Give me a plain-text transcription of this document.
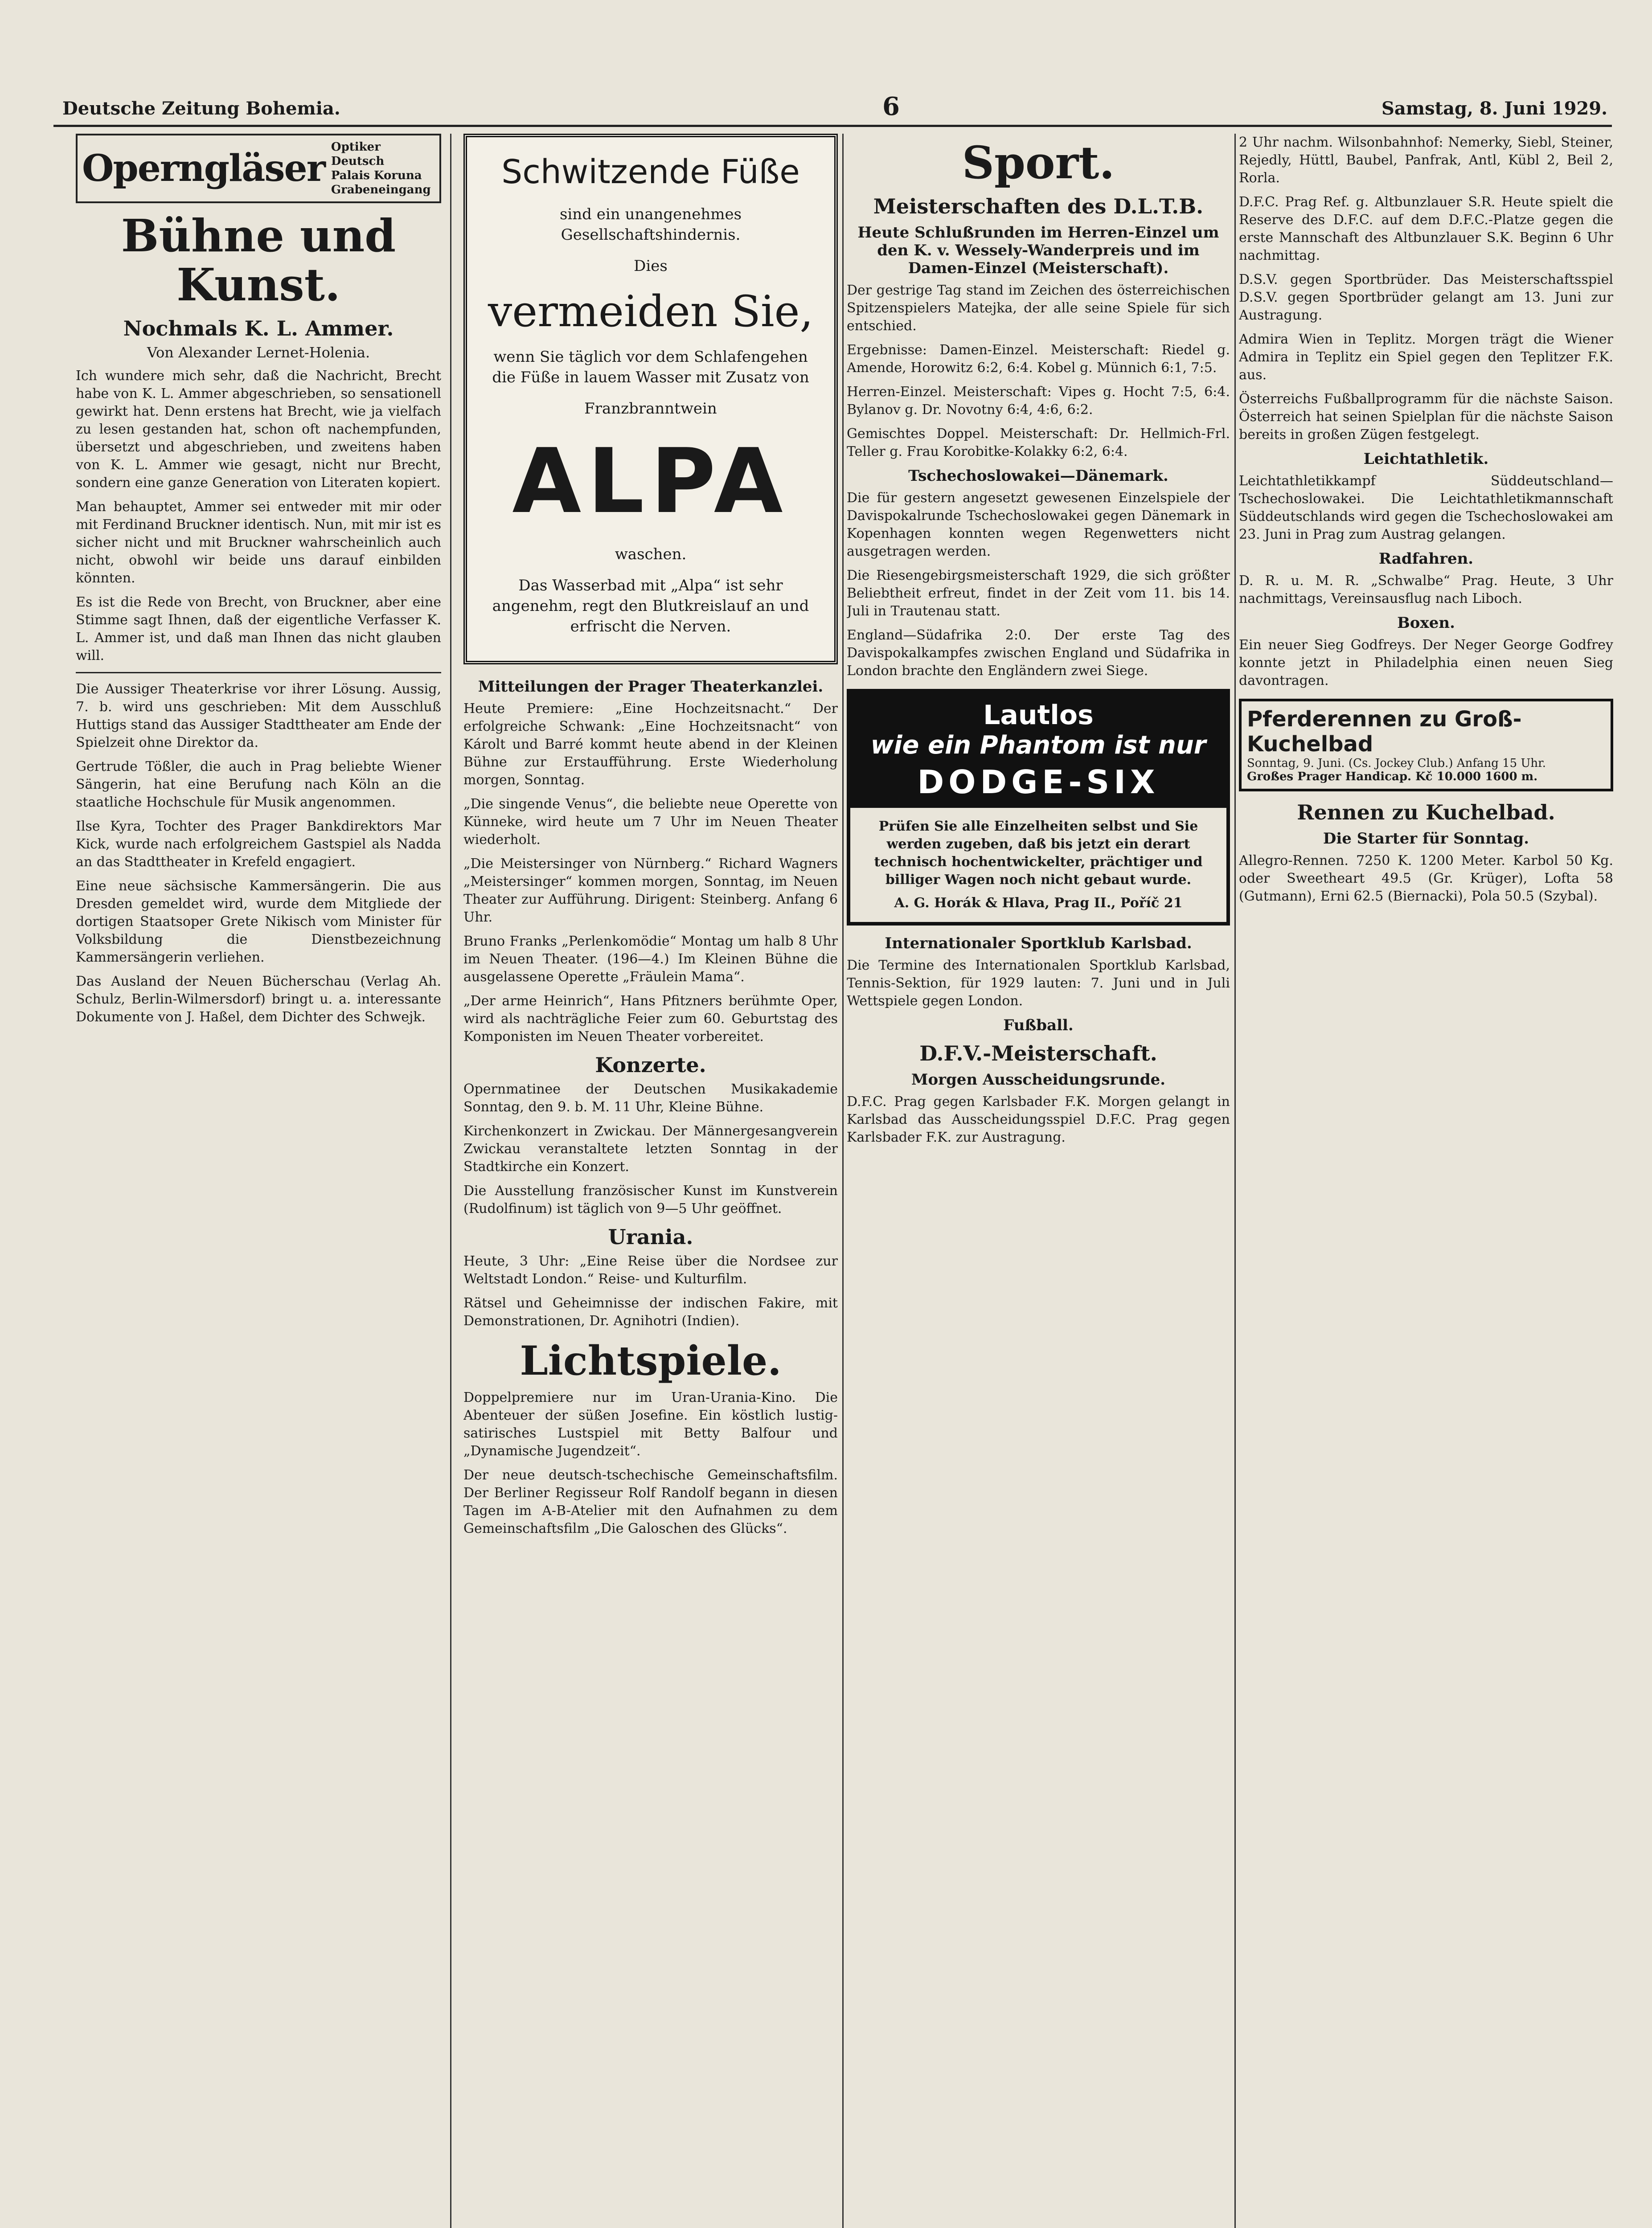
Deutsche Zeitung Bohemia.	6	Samstag, 8. Juni 1929.
Operngläser Optiker Deutsch
Palais Koruna
Grabeneingang
Bühne und Kunst.
Nochmals K. L. Ammer.
Von Alexander Lernet-Holenia.

Ich wundere mich sehr, daß die Nachricht, Brecht habe von K. L. Ammer abgeschrieben, so sensationell gewirkt hat. Denn erstens hat Brecht, wie ja vielfach zu lesen gestanden hat, schon oft nachempfunden, übersetzt und abgeschrieben, und zweitens haben von K. L. Ammer wie gesagt, nicht nur Brecht, sondern eine ganze Generation von Literaten kopiert.

Man behauptet, Ammer sei entweder mit mir oder mit Ferdinand Bruckner identisch. Nun, mit mir ist es sicher nicht und mit Bruckner wahrscheinlich auch nicht, obwohl wir beide uns darauf einbilden könnten.

Es ist die Rede von Brecht, von Bruckner, aber eine Stimme sagt Ihnen, daß der eigentliche Verfasser K. L. Ammer ist, und daß man Ihnen das nicht glauben will.

Die Aussiger Theaterkrise vor ihrer Lösung. Aussig, 7. b. wird uns geschrieben: Mit dem Ausschluß Huttigs stand das Aussiger Stadttheater am Ende der Spielzeit ohne Direktor da.

Gertrude Tößler, die auch in Prag beliebte Wiener Sängerin, hat eine Berufung nach Köln an die staatliche Hochschule für Musik angenommen.

Ilse Kyra, Tochter des Prager Bankdirektors Mar Kick, wurde nach erfolgreichem Gastspiel als Nadda an das Stadttheater in Krefeld engagiert.

Eine neue sächsische Kammersängerin. Die aus Dresden gemeldet wird, wurde dem Mitgliede der dortigen Staatsoper Grete Nikisch vom Minister für Volksbildung die Dienstbezeichnung Kammersängerin verliehen.

Das Ausland der Neuen Bücherschau (Verlag Ah. Schulz, Berlin-Wilmersdorf) bringt u. a. interessante Dokumente von J. Haßel, dem Dichter des Schwejk.

Schwitzende Füße
sind ein unangenehmes Gesellschaftshindernis.
Dies
vermeiden Sie,
wenn Sie täglich vor dem Schlafengehen die Füße in lauem Wasser mit Zusatz von
Franzbranntwein
ALPA
waschen.
Das Wasserbad mit „Alpa“ ist sehr angenehm, regt den Blutkreislauf an und erfrischt die Nerven.
Mitteilungen der Prager Theaterkanzlei.

Heute Premiere: „Eine Hochzeitsnacht.“ Der erfolgreiche Schwank: „Eine Hochzeitsnacht“ von Károlt und Barré kommt heute abend in der Kleinen Bühne zur Erstaufführung. Erste Wiederholung morgen, Sonntag.

„Die singende Venus“, die beliebte neue Operette von Künneke, wird heute um 7 Uhr im Neuen Theater wiederholt.

„Die Meistersinger von Nürnberg.“ Richard Wagners „Meistersinger“ kommen morgen, Sonntag, im Neuen Theater zur Aufführung. Dirigent: Steinberg. Anfang 6 Uhr.

Bruno Franks „Perlenkomödie“ Montag um halb 8 Uhr im Neuen Theater. (196—4.) Im Kleinen Bühne die ausgelassene Operette „Fräulein Mama“.

„Der arme Heinrich“, Hans Pfitzners berühmte Oper, wird als nachträgliche Feier zum 60. Geburtstag des Komponisten im Neuen Theater vorbereitet.

Konzerte.

Opernmatinee der Deutschen Musikakademie Sonntag, den 9. b. M. 11 Uhr, Kleine Bühne.

Kirchenkonzert in Zwickau. Der Männergesangverein Zwickau veranstaltete letzten Sonntag in der Stadtkirche ein Konzert.

Die Ausstellung französischer Kunst im Kunstverein (Rudolfinum) ist täglich von 9—5 Uhr geöffnet.

Urania.

Heute, 3 Uhr: „Eine Reise über die Nordsee zur Weltstadt London.“ Reise- und Kulturfilm.

Rätsel und Geheimnisse der indischen Fakire, mit Demonstrationen, Dr. Agnihotri (Indien).

Lichtspiele.

Doppelpremiere nur im Uran-Urania-Kino. Die Abenteuer der süßen Josefine. Ein köstlich lustig-satirisches Lustspiel mit Betty Balfour und „Dynamische Jugendzeit“.

Der neue deutsch-tschechische Gemeinschaftsfilm. Der Berliner Regisseur Rolf Randolf begann in diesen Tagen im A-B-Atelier mit den Aufnahmen zu dem Gemeinschaftsfilm „Die Galoschen des Glücks“.

Sport.
Meisterschaften des D.L.T.B.
Heute Schlußrunden im Herren-Einzel um den K. v. Wessely-Wanderpreis und im Damen-Einzel (Meisterschaft).

Der gestrige Tag stand im Zeichen des österreichischen Spitzenspielers Matejka, der alle seine Spiele für sich entschied.

Ergebnisse: Damen-Einzel. Meisterschaft: Riedel g. Amende, Horowitz 6:2, 6:4. Kobel g. Münnich 6:1, 7:5.

Herren-Einzel. Meisterschaft: Vipes g. Hocht 7:5, 6:4. Bylanov g. Dr. Novotny 6:4, 4:6, 6:2.

Gemischtes Doppel. Meisterschaft: Dr. Hellmich-Frl. Teller g. Frau Korobitke-Kolakky 6:2, 6:4.

Tschechoslowakei—Dänemark.

Die für gestern angesetzt gewesenen Einzelspiele der Davispokalrunde Tschechoslowakei gegen Dänemark in Kopenhagen konnten wegen Regenwetters nicht ausgetragen werden.

Die Riesengebirgsmeisterschaft 1929, die sich größter Beliebtheit erfreut, findet in der Zeit vom 11. bis 14. Juli in Trautenau statt.

England—Südafrika 2:0. Der erste Tag des Davispokalkampfes zwischen England und Südafrika in London brachte den Engländern zwei Siege.

Lautlos
wie ein Phantom ist nur
DODGE-SIX
Prüfen Sie alle Einzelheiten selbst und Sie werden zugeben, daß bis jetzt ein derart technisch hochentwickelter, prächtiger und billiger Wagen noch nicht gebaut wurde.
A. G. Horák & Hlava, Prag II., Poříč 21
Internationaler Sportklub Karlsbad.

Die Termine des Internationalen Sportklub Karlsbad, Tennis-Sektion, für 1929 lauten: 7. Juni und in Juli Wettspiele gegen London.

Fußball.
D.F.V.-Meisterschaft.
Morgen Ausscheidungsrunde.

D.F.C. Prag gegen Karlsbader F.K. Morgen gelangt in Karlsbad das Ausscheidungsspiel D.F.C. Prag gegen Karlsbader F.K. zur Austragung.

2 Uhr nachm. Wilsonbahnhof: Nemerky, Siebl, Steiner, Rejedly, Hüttl, Baubel, Panfrak, Antl, Kübl 2, Beil 2, Rorla.

D.F.C. Prag Ref. g. Altbunzlauer S.R. Heute spielt die Reserve des D.F.C. auf dem D.F.C.-Platze gegen die erste Mannschaft des Altbunzlauer S.K. Beginn 6 Uhr nachmittag.

D.S.V. gegen Sportbrüder. Das Meisterschaftsspiel D.S.V. gegen Sportbrüder gelangt am 13. Juni zur Austragung.

Admira Wien in Teplitz. Morgen trägt die Wiener Admira in Teplitz ein Spiel gegen den Teplitzer F.K. aus.

Österreichs Fußballprogramm für die nächste Saison. Österreich hat seinen Spielplan für die nächste Saison bereits in großen Zügen festgelegt.

Leichtathletik.

Leichtathletikkampf Süddeutschland—Tschechoslowakei. Die Leichtathletikmannschaft Süddeutschlands wird gegen die Tschechoslowakei am 23. Juni in Prag zum Austrag gelangen.

Radfahren.

D. R. u. M. R. „Schwalbe“ Prag. Heute, 3 Uhr nachmittags, Vereinsausflug nach Liboch.

Boxen.

Ein neuer Sieg Godfreys. Der Neger George Godfrey konnte jetzt in Philadelphia einen neuen Sieg davontragen.

Pferderennen zu Groß-Kuchelbad
Sonntag, 9. Juni. (Cs. Jockey Club.) Anfang 15 Uhr.
Großes Prager Handicap. Kč 10.000 1600 m.
Rennen zu Kuchelbad.
Die Starter für Sonntag.

Allegro-Rennen. 7250 K. 1200 Meter. Karbol 50 Kg. oder Sweetheart 49.5 (Gr. Krüger), Lofta 58 (Gutmann), Erni 62.5 (Biernacki), Pola 50.5 (Szybal).
